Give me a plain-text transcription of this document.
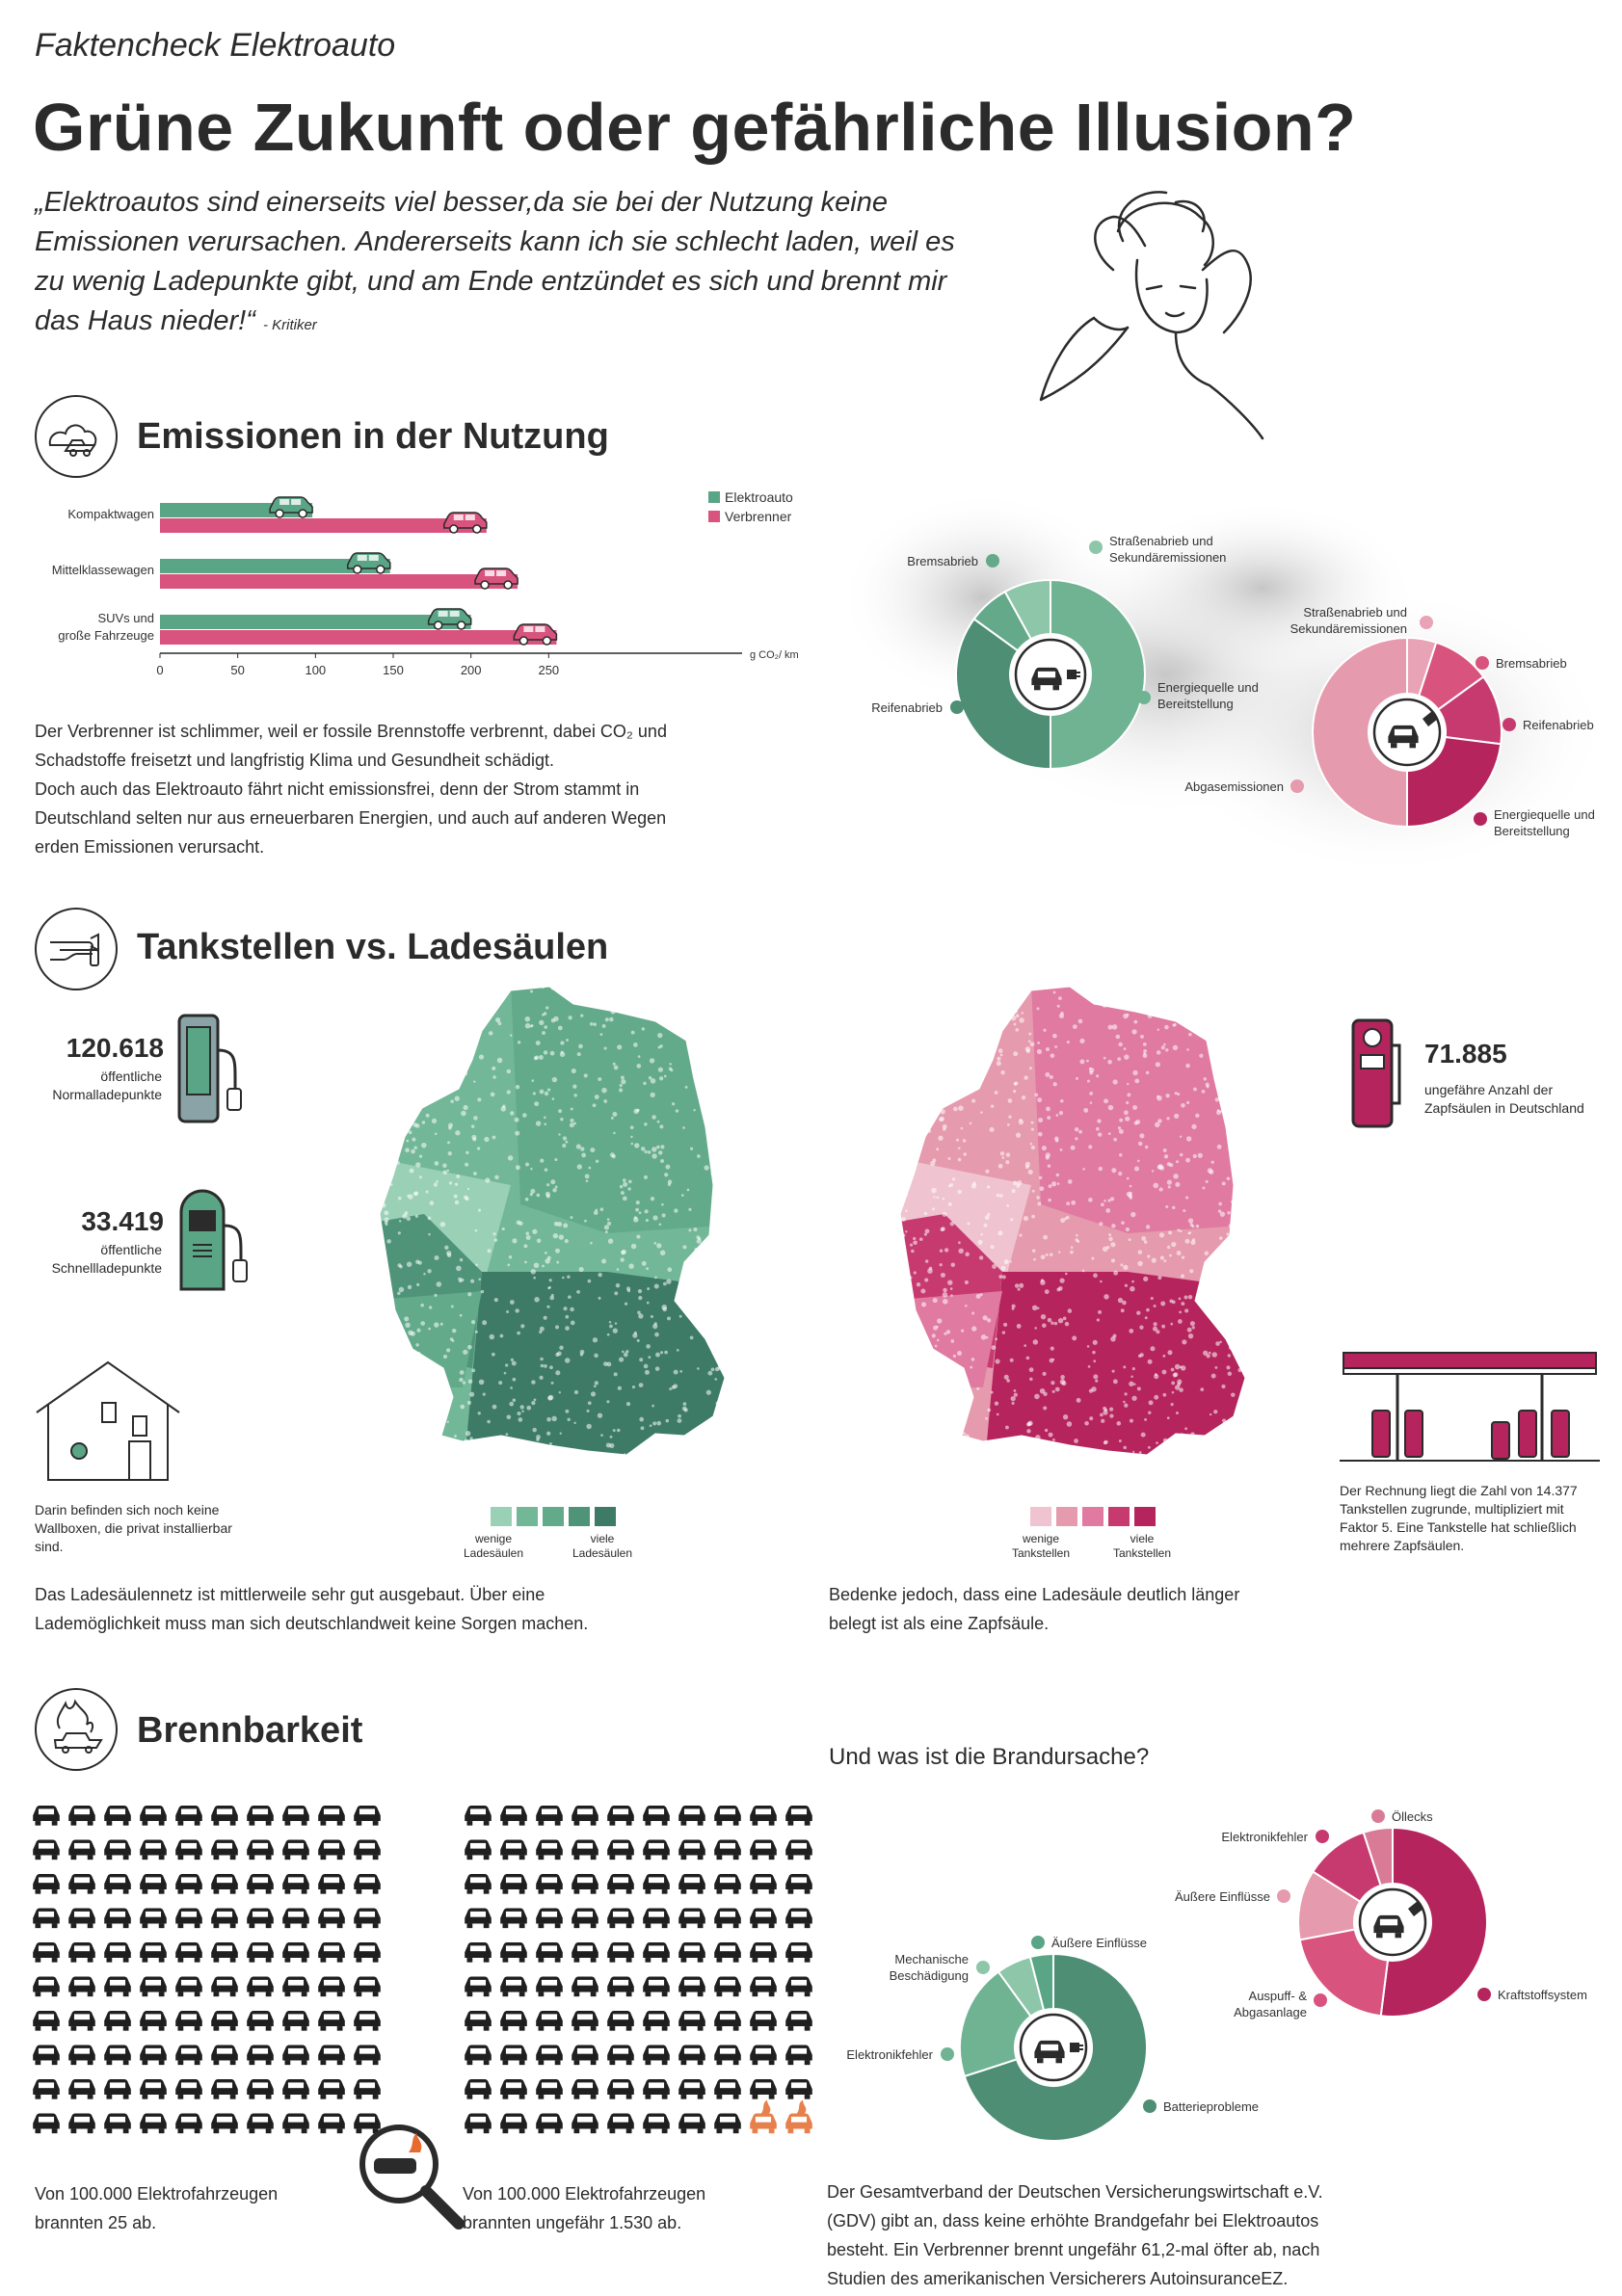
Faktencheck Elektroauto
Grüne Zukunft oder gefährliche Illusion?
„Elektroautos sind einerseits viel besser,da sie bei der Nutzung keine Emissionen verursachen. Andererseits kann ich sie schlecht laden, weil es zu wenig Ladepunkte gibt, und am Ende entzündet es sich und brennt mir das Haus nieder!“ - Kritiker
Emissionen in der Nutzung
Elektroauto
Verbrenner
Kompaktwagen
Mittelklassewagen
SUVs und
große Fahrzeuge
0	50	100	150	200	250
g CO₂/ km
Der Verbrenner ist schlimmer, weil er fossile Brennstoffe verbrennt, dabei CO₂ und Schadstoffe freisetzt und langfristig Klima und Gesundheit schädigt.
Doch auch das Elektroauto fährt nicht emissionsfrei, denn der Strom stammt in Deutschland selten nur aus erneuerbaren Energien, und auch auf anderen Wegen erden Emissionen verursacht.
Straßenabrieb und
Sekundäremissionen
Bremsabrieb
Reifenabrieb
Energiequelle und
Bereitstellung
Straßenabrieb und
Sekundäremissionen
Bremsabrieb
Reifenabrieb
Energiequelle und
Bereitstellung
Abgasemissionen
Tankstellen vs. Ladesäulen
120.618
öffentliche Normalladepunkte
33.419
öffentliche Schnellladepunkte
Darin befinden sich noch keine Wallboxen, die privat installierbar sind.	wenige Ladesäulen
viele Ladesäulen
wenige Tankstellen
viele Tankstellen
71.885
ungefähre Anzahl der Zapfsäulen in Deutschland
Der Rechnung liegt die Zahl von 14.377 Tankstellen zugrunde, multipliziert mit Faktor 5. Eine Tankstelle hat schließlich mehrere Zapfsäulen.
Das Ladesäulennetz ist mittlerweile sehr gut ausgebaut. Über eine Lademöglichkeit muss man sich deutschlandweit keine Sorgen machen.
Bedenke jedoch, dass eine Ladesäule deutlich länger belegt ist als eine Zapfsäule.
Brennbarkeit
Und was ist die Brandursache?
Von 100.000 Elektrofahrzeugen brannten 25 ab.
Von 100.000 Elektrofahrzeugen brannten ungefähr 1.530 ab.
Mechanische
Beschädigung
Äußere Einflüsse
Elektronikfehler
Batterieprobleme
Öllecks
Elektronikfehler
Äußere Einflüsse
Auspuff- &
Abgasanlage
Kraftstoffsystem
Der Gesamtverband der Deutschen Versicherungswirtschaft e.V. (GDV) gibt an, dass keine erhöhte Brandgefahr bei Elektroautos besteht. Ein Verbrenner brennt ungefähr 61,2-mal öfter ab, nach Studien des amerikanischen Versicherers AutoinsuranceEZ.
